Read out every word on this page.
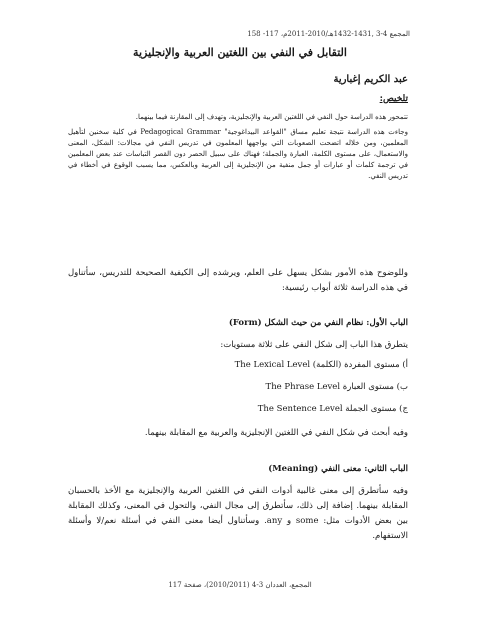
المجمع 4-3 ,1431-1432هـ/2010-2011م، 117- 158
التقابل في النفي بين اللغتين العربية والإنجليزية
عبد الكريم إغبارية
تلخيص:

تتمحور هذه الدراسة حول النفي في اللغتين العربية والإنجليزية، وتهدف إلى المقارنة فيما بينهما.

وجاءت هذه الدراسة نتيجة تعليم مساق "القواعد البيداغوجية" Pedagogical Grammar في كلية سخنين لتأهيل المعلمين، ومن خلاله اتضحت الصعوبات التي يواجهها المعلمون في تدريس النفي في مجالات: الشكل، المعنى والاستعمال، على مستوى الكلمة، العبارة والجملة؛ فهناك على سبيل الحصر دون القصر التباسات عند بعض المعلمين في ترجمة كلمات أو عبارات أو جمل منفية من الإنجليزية إلى العربية وبالعكس، مما يسبب الوقوع في أخطاء في تدريس النفي.

وللوضوح هذه الأمور بشكل يسهل على العلم، ويرشده إلى الكيفية الصحيحة للتدريس، سأتناول في هذه الدراسة ثلاثة أبواب رئيسية:
الباب الأول: نظام النفي من حيث الشكل (Form)
يتطرق هذا الباب إلى شكل النفي على ثلاثة مستويات:
أ) مستوى المفردة (الكلمة) The Lexical Level
ب) مستوى العبارة The Phrase Level
ج) مستوى الجملة The Sentence Level
وفيه أبحث في شكل النفي في اللغتين الإنجليزية والعربية مع المقابلة بينهما.
الباب الثاني: معنى النفي (Meaning)
وفيه سأتطرق إلى معنى غالبية أدوات النفي في اللغتين العربية والإنجليزية مع الأخذ بالحسبان المقابلة بينهما. إضافة إلى ذلك، سأتطرق إلى مجال النفي، والتحول في المعنى، وكذلك المقابلة بين بعض الأدوات مثل: some و any. وسأتناول أيضا معنى النفي في أسئلة نعم/لا وأسئلة الاستفهام.
المجمع، العددان 3-4 (2010/2011)، صفحة 117
